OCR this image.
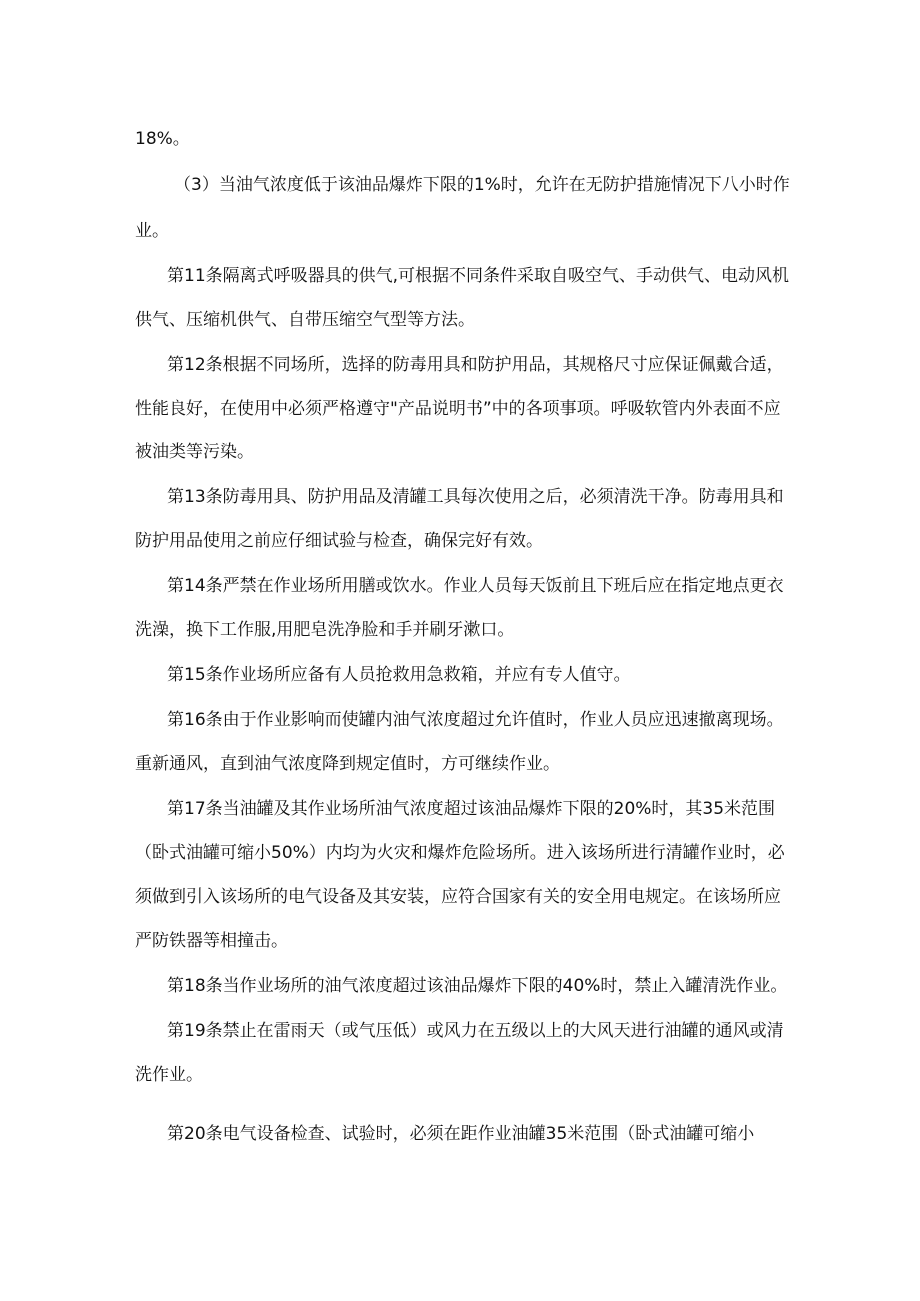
18%。
（3）当油气浓度低于该油品爆炸下限的1%时，允许在无防护措施情况下八小时作
业。
第11条隔离式呼吸器具的供气,可根据不同条件采取自吸空气、手动供气、电动风机
供气、压缩机供气、自带压缩空气型等方法。
第12条根据不同场所，选择的防毒用具和防护用品，其规格尺寸应保证佩戴合适，
性能良好，在使用中必须严格遵守"产品说明书”中的各项事项。呼吸软管内外表面不应
被油类等污染。
第13条防毒用具、防护用品及清罐工具每次使用之后，必须清洗干净。防毒用具和
防护用品使用之前应仔细试验与检查，确保完好有效。
第14条严禁在作业场所用膳或饮水。作业人员每天饭前且下班后应在指定地点更衣
洗澡，换下工作服,用肥皂洗净脸和手并刷牙漱口。
第15条作业场所应备有人员抢救用急救箱，并应有专人值守。
第16条由于作业影响而使罐内油气浓度超过允许值时，作业人员应迅速撤离现场。
重新通风，直到油气浓度降到规定值时，方可继续作业。
第17条当油罐及其作业场所油气浓度超过该油品爆炸下限的20%时，其35米范围
（卧式油罐可缩小50%）内均为火灾和爆炸危险场所。进入该场所进行清罐作业时，必
须做到引入该场所的电气设备及其安装，应符合国家有关的安全用电规定。在该场所应
严防铁器等相撞击。
第18条当作业场所的油气浓度超过该油品爆炸下限的40%时，禁止入罐清洗作业。
第19条禁止在雷雨天（或气压低）或风力在五级以上的大风天进行油罐的通风或清
洗作业。
第20条电气设备检查、试验时，必须在距作业油罐35米范围（卧式油罐可缩小
